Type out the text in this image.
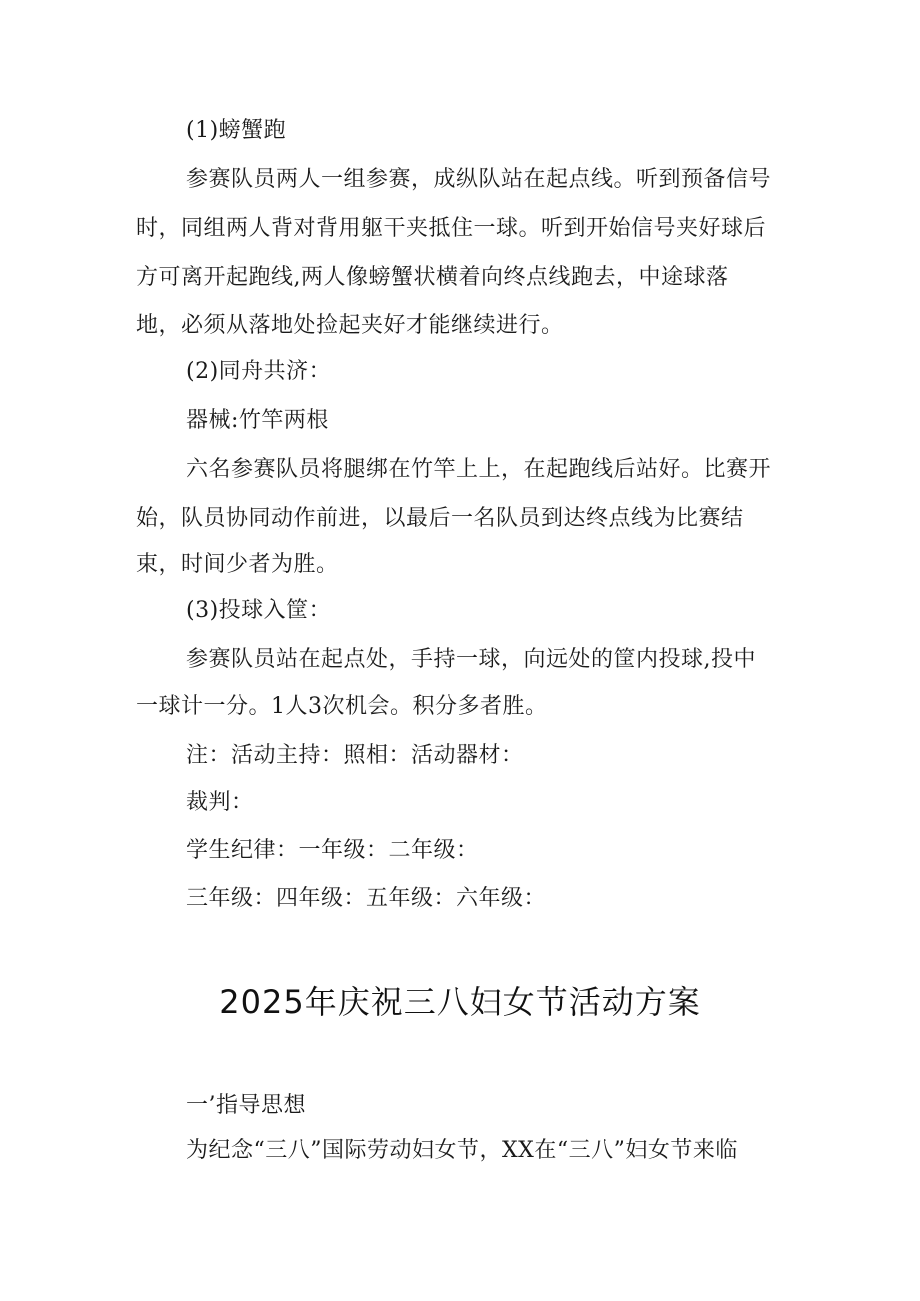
(1)螃蟹跑
参赛队员两人一组参赛，成纵队站在起点线。听到预备信号
时，同组两人背对背用躯干夹抵住一球。听到开始信号夹好球后
方可离开起跑线,两人像螃蟹状横着向终点线跑去，中途球落
地，必须从落地处捡起夹好才能继续进行。
(2)同舟共济：
器械:竹竿两根
六名参赛队员将腿绑在竹竿上上，在起跑线后站好。比赛开
始，队员协同动作前进，以最后一名队员到达终点线为比赛结
束，时间少者为胜。
(3)投球入筐：
参赛队员站在起点处，手持一球，向远处的筐内投球,投中
一球计一分。1人3次机会。积分多者胜。
注：活动主持：照相：活动器材：
裁判：
学生纪律：一年级：二年级：
三年级：四年级：五年级：六年级：
2025年庆祝三八妇女节活动方案
一’指导思想
为纪念“三八”国际劳动妇女节，XX在“三八”妇女节来临
